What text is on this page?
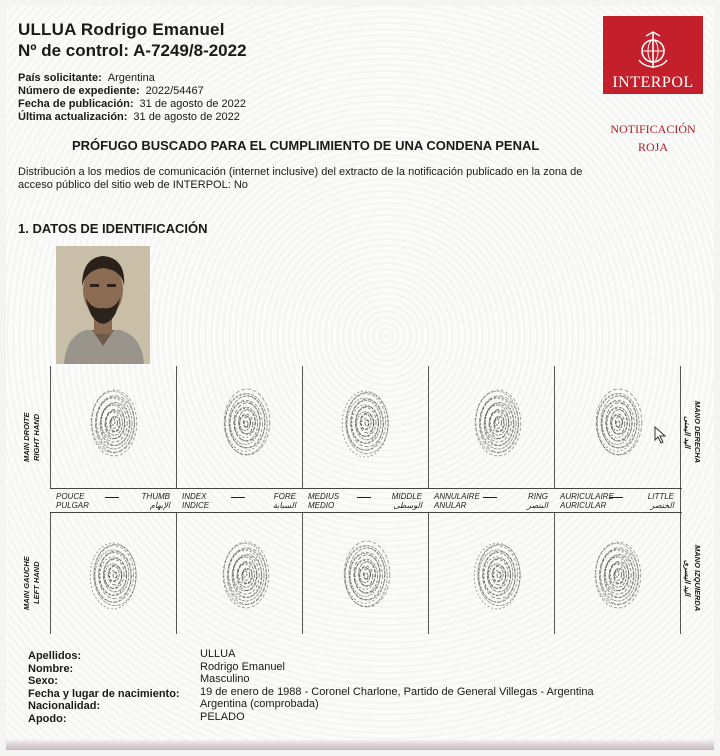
ULLUA Rodrigo Emanuel
Nº de control: A-7249/8-2022
País solicitante: Argentina
Número de expediente: 2022/54467
Fecha de publicación: 31 de agosto de 2022
Última actualización: 31 de agosto de 2022
INTERPOL
NOTIFICACIÓN
ROJA
PRÓFUGO BUSCADO PARA EL CUMPLIMIENTO DE UNA CONDENA PENAL
Distribución a los medios de comunicación (internet inclusive) del extracto de la notificación publicado en la zona de acceso público del sitio web de INTERPOL: No
1. DATOS DE IDENTIFICACIÓN
MAIN DROITE RIGHT HAND	MANO DERECHA
اليد اليمنى
MAIN GAUCHE LEFT HAND	MANO IZQUIERDA
اليد اليسرى
POUCE
PULGAR
THUMB
الإبهام
INDEX
INDICE
FORE
السبابة
MEDIUS
MEDIO
MIDDLE
الوسطى
ANNULAIRE
ANULAR
RING
البنصر
AURICULAIRE
AURICULAR
LITTLE
الخنصر
Apellidos:	ULLUA
Nombre:	Rodrigo Emanuel
Sexo:	Masculino
Fecha y lugar de nacimiento: 19 de enero de 1988 - Coronel Charlone, Partido de General Villegas - Argentina
Nacionalidad:	Argentina (comprobada)
Apodo:	PELADO
